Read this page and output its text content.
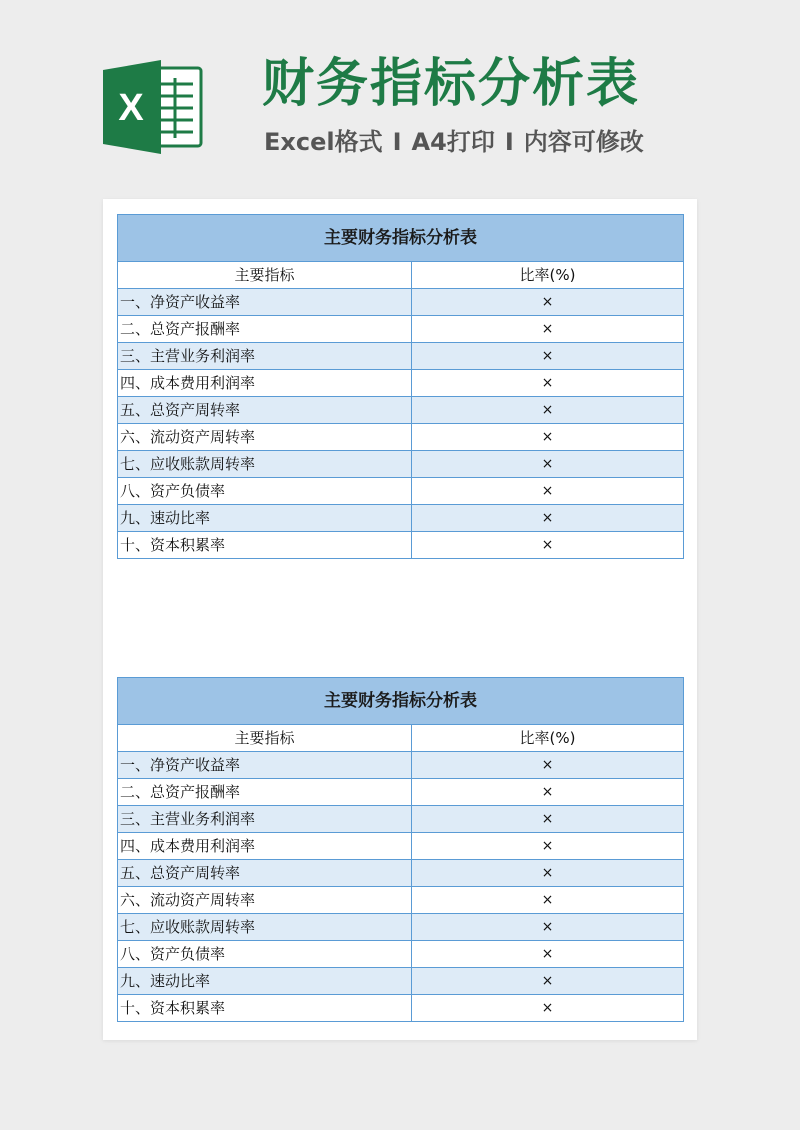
X 财务指标分析表
Excel格式 I A4打印 I 内容可修改
主要财务指标分析表	
主要指标	比率(%)
一、净资产收益率	×
二、总资产报酬率	×
三、主营业务利润率	×
四、成本费用利润率	×
五、总资产周转率	×
六、流动资产周转率	×
七、应收账款周转率	×
八、资产负债率	×
九、速动比率	×
十、资本积累率	×
主要财务指标分析表	
主要指标	比率(%)
一、净资产收益率	×
二、总资产报酬率	×
三、主营业务利润率	×
四、成本费用利润率	×
五、总资产周转率	×
六、流动资产周转率	×
七、应收账款周转率	×
八、资产负债率	×
九、速动比率	×
十、资本积累率	×
